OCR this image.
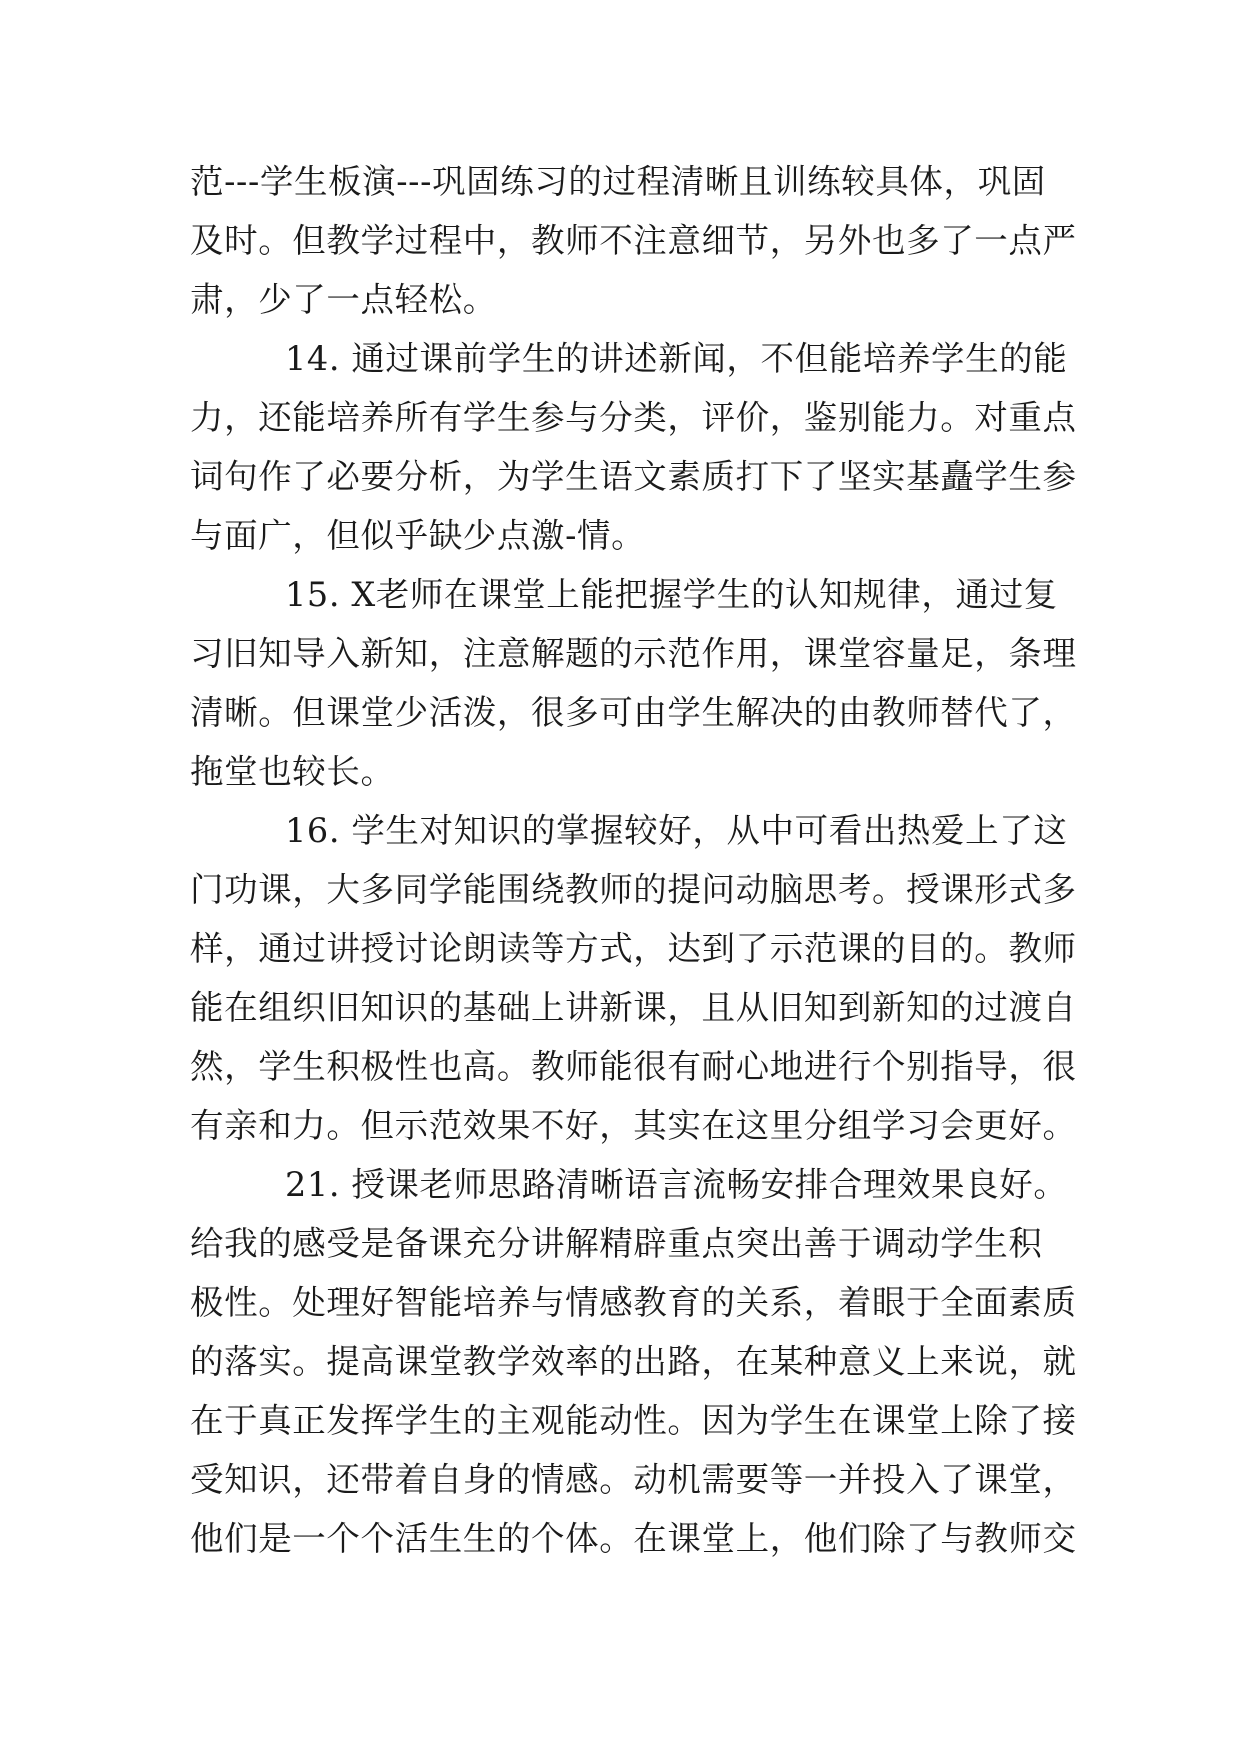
范---学生板演---巩固练习的过程清晰且训练较具体，巩固
及时。但教学过程中，教师不注意细节，另外也多了一点严
肃，少了一点轻松。
14. 通过课前学生的讲述新闻，不但能培养学生的能
力，还能培养所有学生参与分类，评价，鉴别能力。对重点
词句作了必要分析，为学生语文素质打下了坚实基矗学生参
与面广，但似乎缺少点激-情。
15. X老师在课堂上能把握学生的认知规律，通过复
习旧知导入新知，注意解题的示范作用，课堂容量足，条理
清晰。但课堂少活泼，很多可由学生解决的由教师替代了，
拖堂也较长。
16. 学生对知识的掌握较好，从中可看出热爱上了这
门功课，大多同学能围绕教师的提问动脑思考。授课形式多
样，通过讲授讨论朗读等方式，达到了示范课的目的。教师
能在组织旧知识的基础上讲新课，且从旧知到新知的过渡自
然，学生积极性也高。教师能很有耐心地进行个别指导，很
有亲和力。但示范效果不好，其实在这里分组学习会更好。
21. 授课老师思路清晰语言流畅安排合理效果良好。
给我的感受是备课充分讲解精辟重点突出善于调动学生积
极性。处理好智能培养与情感教育的关系，着眼于全面素质
的落实。提高课堂教学效率的出路，在某种意义上来说，就
在于真正发挥学生的主观能动性。因为学生在课堂上除了接
受知识，还带着自身的情感。动机需要等一并投入了课堂，
他们是一个个活生生的个体。在课堂上，他们除了与教师交
